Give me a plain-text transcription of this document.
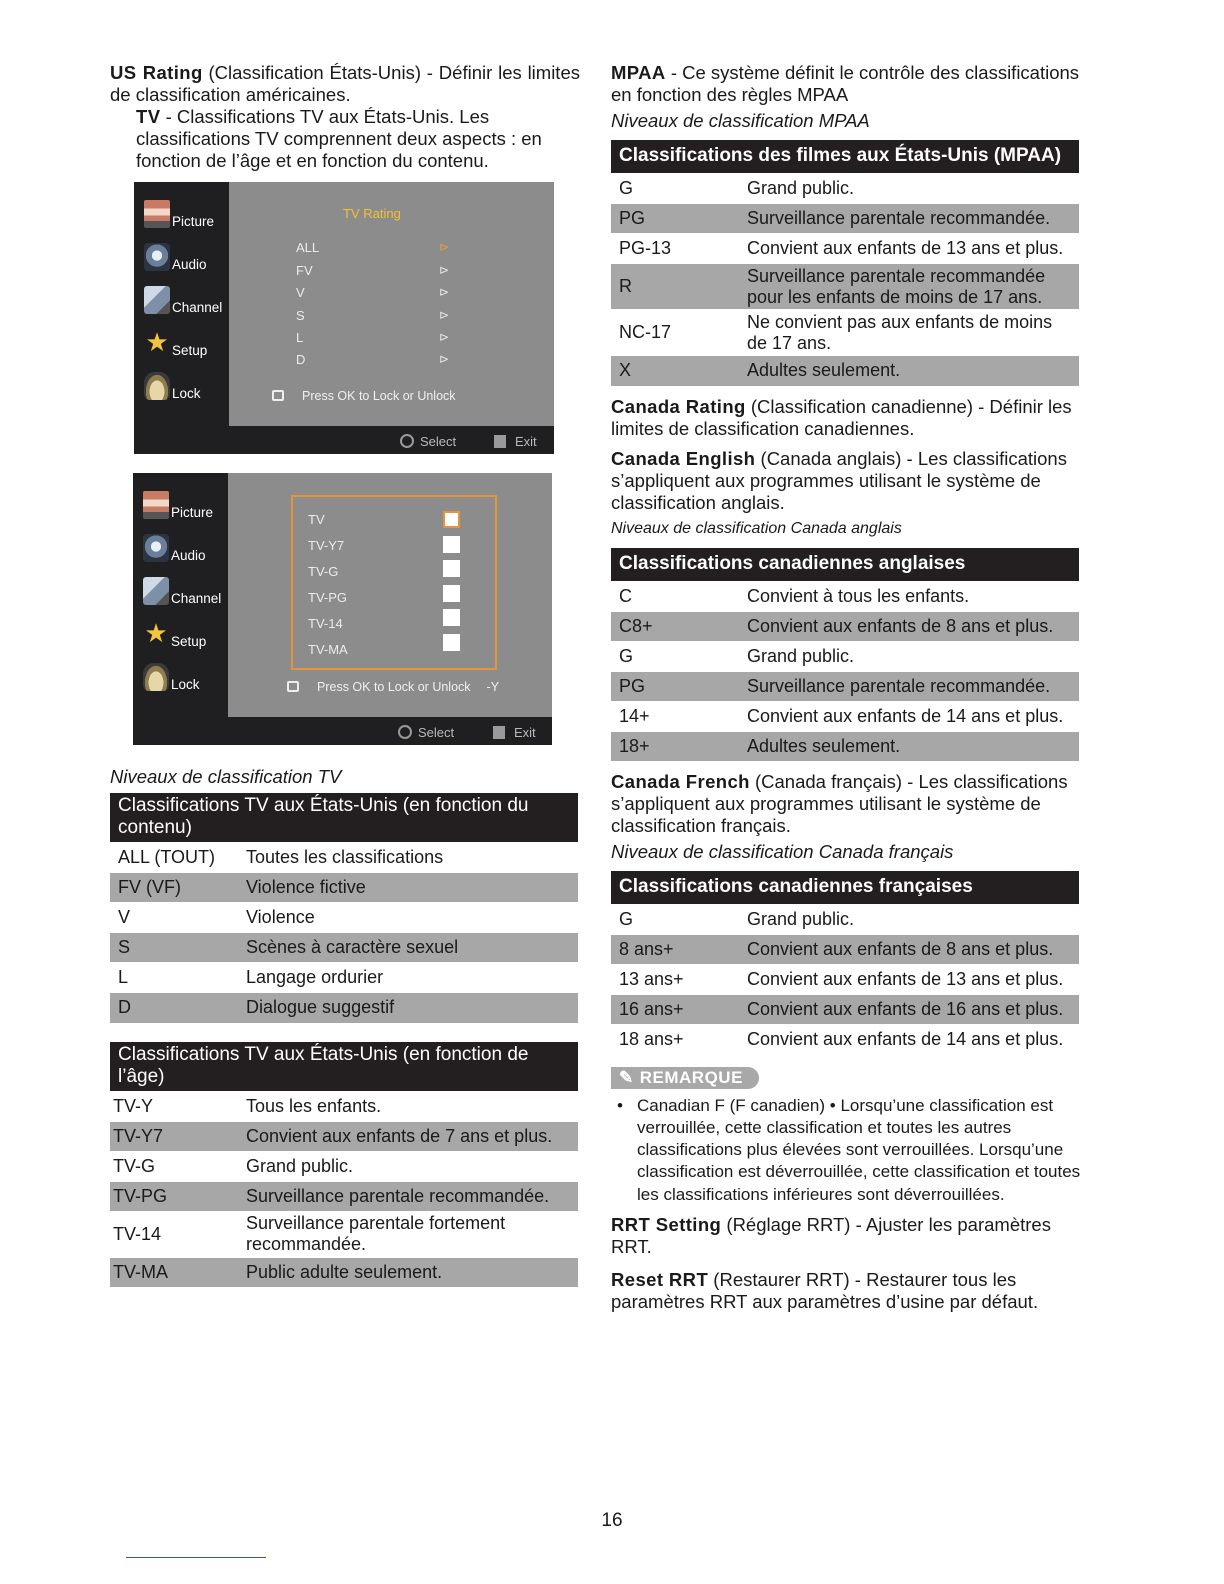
US Rating (Classification États-Unis) - Définir les limites de classification américaines.

TV - Classifications TV aux États-Unis. Les classifications TV comprennent deux aspects : en fonction de l’âge et en fonction du contenu.

Picture
Audio
Channel
★ Setup
Lock
TV Rating
ALL
FV
V
S
L
D
⊳
⊳
⊳
⊳
⊳
⊳
Press OK to Lock or Unlock
Select	Exit
Picture
Audio
Channel
★ Setup
Lock
TV
TV-Y7
TV-G
TV-PG
TV-14
TV-MA
Press OK to Lock or Unlock -Y
Select	Exit

Niveaux de classification TV

Classifications TV aux États-Unis (en fonction du contenu)	
ALL (TOUT)	Toutes les classifications
FV (VF)	Violence fictive
V	Violence
S	Scènes à caractère sexuel
L	Langage ordurier
D	Dialogue suggestif
Classifications TV aux États-Unis (en fonction de l’âge)	
TV-Y	Tous les enfants.
TV-Y7	Convient aux enfants de 7 ans et plus.
TV-G	Grand public.
TV-PG	Surveillance parentale recommandée.
TV-14	Surveillance parentale fortement recommandée.
TV-MA	Public adulte seulement.

MPAA - Ce système définit le contrôle des classifications en fonction des règles MPAA

Niveaux de classification MPAA

Classifications des filmes aux États-Unis (MPAA)	
G	Grand public.
PG	Surveillance parentale recommandée.
PG-13	Convient aux enfants de 13 ans et plus.
R	Surveillance parentale recommandée pour les enfants de moins de 17 ans.
NC-17	Ne convient pas aux enfants de moins de 17 ans.
X	Adultes seulement.

Canada Rating (Classification canadienne) - Définir les limites de classification canadiennes.

Canada English (Canada anglais) - Les classifications s’appliquent aux programmes utilisant le système de classification anglais.

Niveaux de classification Canada anglais

Classifications canadiennes anglaises	
C	Convient à tous les enfants.
C8+	Convient aux enfants de 8 ans et plus.
G	Grand public.
PG	Surveillance parentale recommandée.
14+	Convient aux enfants de 14 ans et plus.
18+	Adultes seulement.

Canada French (Canada français) - Les classifications s’appliquent aux programmes utilisant le système de classification français.

Niveaux de classification Canada français

Classifications canadiennes françaises	
G	Grand public.
8 ans+	Convient aux enfants de 8 ans et plus.
13 ans+	Convient aux enfants de 13 ans et plus.
16 ans+	Convient aux enfants de 16 ans et plus.
18 ans+	Convient aux enfants de 14 ans et plus.
✎ REMARQUE
• Canadian F (F canadien) • Lorsqu’une classification est verrouillée, cette classification et toutes les autres classifications plus élevées sont verrouillées. Lorsqu’une classification est déverrouillée, cette classification et toutes les classifications inférieures sont déverrouillées.

RRT Setting (Réglage RRT) - Ajuster les paramètres RRT.

Reset RRT (Restaurer RRT) - Restaurer tous les paramètres RRT aux paramètres d’usine par défaut.

16
